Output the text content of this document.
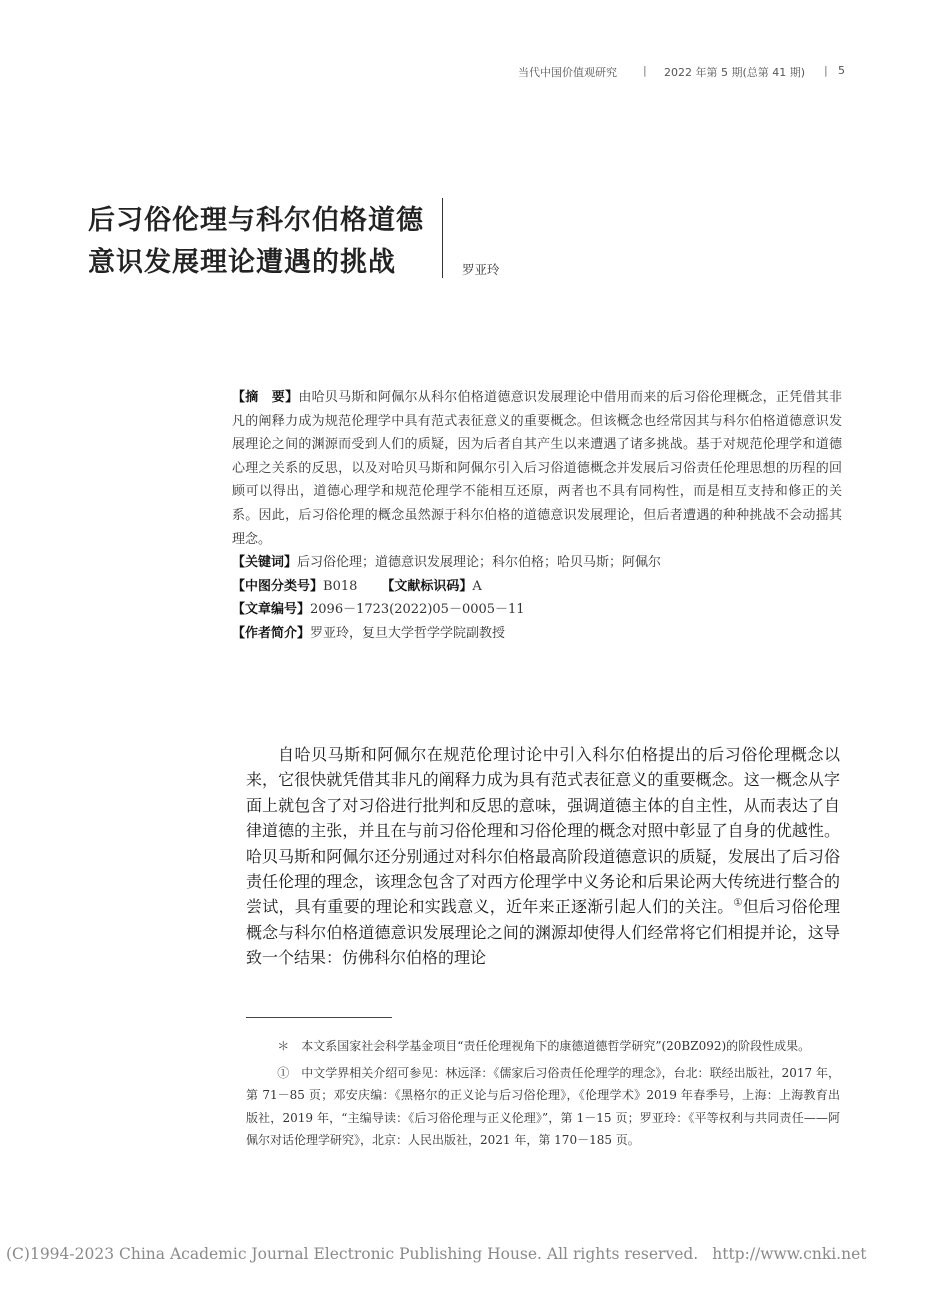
当代中国价值观研究 | 2022 年第 5 期(总第 41 期) | 5
后习俗伦理与科尔伯格道德
意识发展理论遭遇的挑战	罗亚玲

【摘　要】由哈贝马斯和阿佩尔从科尔伯格道德意识发展理论中借用而来的后习俗伦理概念，正凭借其非凡的阐释力成为规范伦理学中具有范式表征意义的重要概念。但该概念也经常因其与科尔伯格道德意识发展理论之间的渊源而受到人们的质疑，因为后者自其产生以来遭遇了诸多挑战。基于对规范伦理学和道德心理之关系的反思，以及对哈贝马斯和阿佩尔引入后习俗道德概念并发展后习俗责任伦理思想的历程的回顾可以得出，道德心理学和规范伦理学不能相互还原，两者也不具有同构性，而是相互支持和修正的关系。因此，后习俗伦理的概念虽然源于科尔伯格的道德意识发展理论，但后者遭遇的种种挑战不会动摇其理念。

【关键词】后习俗伦理；道德意识发展理论；科尔伯格；哈贝马斯；阿佩尔

【中图分类号】B018 【文献标识码】A

【文章编号】2096－1723(2022)05－0005－11

【作者简介】罗亚玲，复旦大学哲学学院副教授

自哈贝马斯和阿佩尔在规范伦理讨论中引入科尔伯格提出的后习俗伦理概念以来，它很快就凭借其非凡的阐释力成为具有范式表征意义的重要概念。这一概念从字面上就包含了对习俗进行批判和反思的意味，强调道德主体的自主性，从而表达了自律道德的主张，并且在与前习俗伦理和习俗伦理的概念对照中彰显了自身的优越性。哈贝马斯和阿佩尔还分别通过对科尔伯格最高阶段道德意识的质疑，发展出了后习俗责任伦理的理念，该理念包含了对西方伦理学中义务论和后果论两大传统进行整合的尝试，具有重要的理论和实践意义，近年来正逐渐引起人们的关注。①但后习俗伦理概念与科尔伯格道德意识发展理论之间的渊源却使得人们经常将它们相提并论，这导致一个结果：仿佛科尔伯格的理论

＊　本文系国家社会科学基金项目“责任伦理视角下的康德道德哲学研究”(20BZ092)的阶段性成果。

①　中文学界相关介绍可参见：林远泽：《儒家后习俗责任伦理学的理念》，台北：联经出版社，2017 年，第 71－85 页；邓安庆编：《黑格尔的正义论与后习俗伦理》，《伦理学术》2019 年春季号，上海：上海教育出版社，2019 年，“主编导读：《后习俗伦理与正义伦理》”，第 1－15 页；罗亚玲：《平等权利与共同责任——阿佩尔对话伦理学研究》，北京：人民出版社，2021 年，第 170－185 页。

(C)1994-2023 China Academic Journal Electronic Publishing House. All rights reserved. http://www.cnki.net
